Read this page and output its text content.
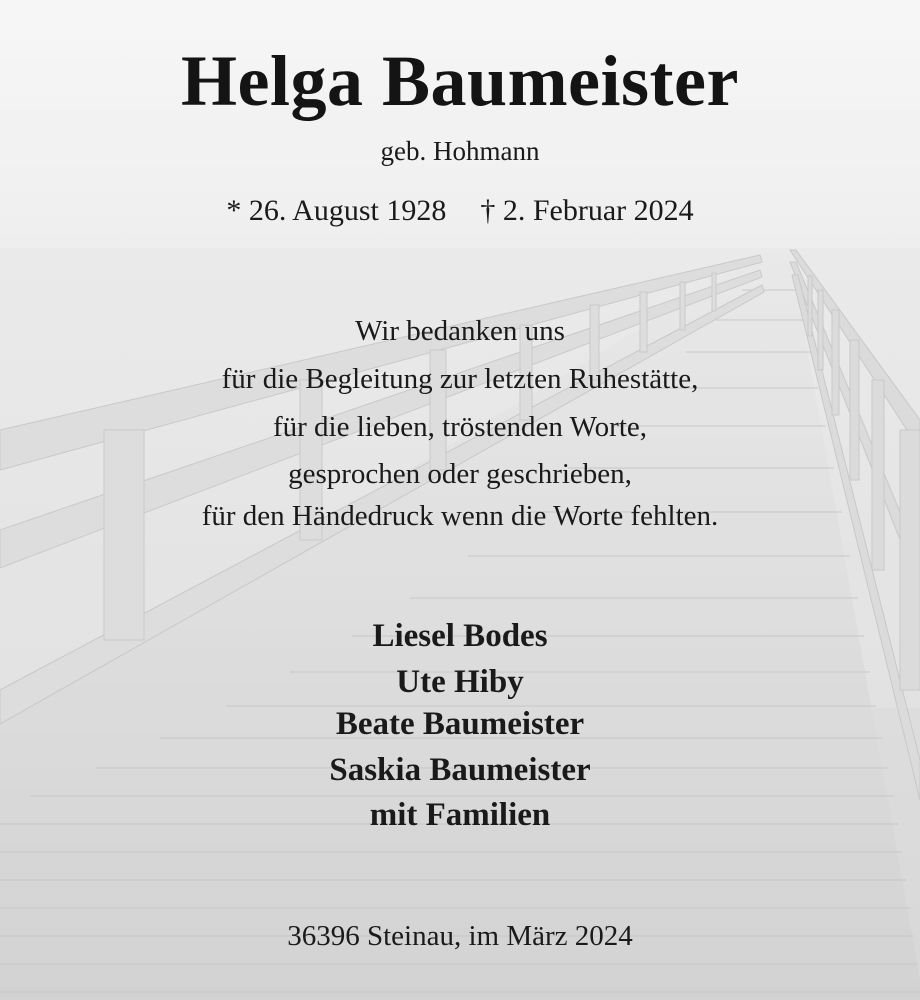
Helga Baumeister
geb. Hohmann
* 26. August 1928 † 2. Februar 2024
Wir bedanken uns
für die Begleitung zur letzten Ruhestätte,
für die lieben, tröstenden Worte,
gesprochen oder geschrieben,
für den Händedruck wenn die Worte fehlten.
Liesel Bodes
Ute Hiby
Beate Baumeister
Saskia Baumeister
mit Familien
36396 Steinau, im März 2024
